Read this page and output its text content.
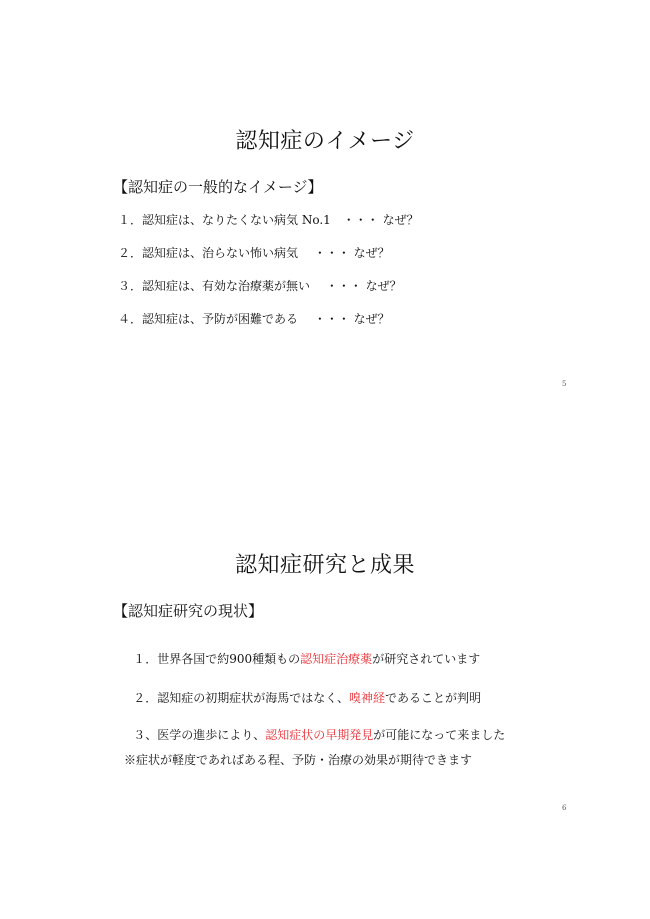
認知症のイメージ
【認知症の一般的なイメージ】
１．認知症は、なりたくない病気 No.1　・・・ なぜ？
２．認知症は、治らない怖い病気　 ・・・ なぜ？
３．認知症は、有効な治療薬が無い　 ・・・ なぜ？
４．認知症は、予防が困難である　 ・・・ なぜ？
5
認知症研究と成果
【認知症研究の現状】

１．世界各国で約900種類もの認知症治療薬が研究されています

２．認知症の初期症状が海馬ではなく、嗅神経であることが判明

３、医学の進歩により、認知症状の早期発見が可能になって来ました

※症状が軽度であればある程、予防・治療の効果が期待できます
6
